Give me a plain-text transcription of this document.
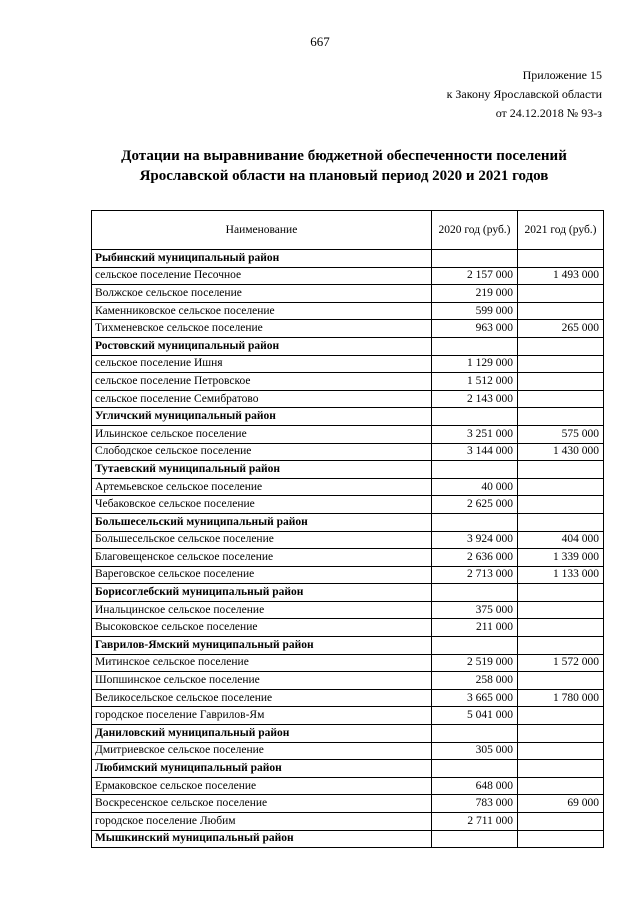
667
Приложение 15
к Закону Ярославской области
от 24.12.2018 № 93-з
Дотации на выравнивание бюджетной обеспеченности поселений Ярославской области на плановый период 2020 и 2021 годов
Наименование	2020 год (руб.)	2021 год (руб.)
Рыбинский муниципальный район		
сельское поселение Песочное	2 157 000	1 493 000
Волжское сельское поселение	219 000	
Каменниковское сельское поселение	599 000	
Тихменевское сельское поселение	963 000	265 000
Ростовский муниципальный район		
сельское поселение Ишня	1 129 000	
сельское поселение Петровское	1 512 000	
сельское поселение Семибратово	2 143 000	
Угличский муниципальный район		
Ильинское сельское поселение	3 251 000	575 000
Слободское сельское поселение	3 144 000	1 430 000
Тутаевский муниципальный район		
Артемьевское сельское поселение	40 000	
Чебаковское сельское поселение	2 625 000	
Большесельский муниципальный район		
Большесельское сельское поселение	3 924 000	404 000
Благовещенское сельское поселение	2 636 000	1 339 000
Вареговское сельское поселение	2 713 000	1 133 000
Борисоглебский муниципальный район		
Инальцинское сельское поселение	375 000	
Высоковское сельское поселение	211 000	
Гаврилов-Ямский муниципальный район		
Митинское сельское поселение	2 519 000	1 572 000
Шопшинское сельское поселение	258 000	
Великосельское сельское поселение	3 665 000	1 780 000
городское поселение Гаврилов-Ям	5 041 000	
Даниловский муниципальный район		
Дмитриевское сельское поселение	305 000	
Любимский муниципальный район		
Ермаковское сельское поселение	648 000	
Воскресенское сельское поселение	783 000	69 000
городское поселение Любим	2 711 000	
Мышкинский муниципальный район		
